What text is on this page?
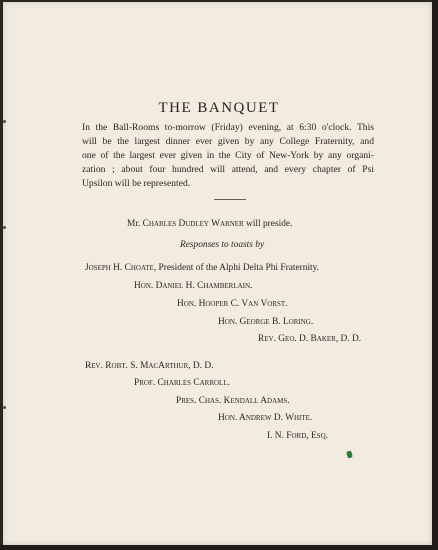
THE BANQUET
In the Ball-Rooms to-morrow (Friday) evening, at 6:30 o'clock. This
will be the largest dinner ever given by any College Fraternity, and
one of the largest ever given in the City of New-York by any organi-
zation ; about four hundred will attend, and every chapter of Psi
Upsilon will be represented.
Mr. Charles Dudley Warner will preside.
Responses to toasts by
Joseph H. Choate, President of the Alphi Delta Phi Fraternity.
Hon. Daniel H. Chamberlain.
Hon. Hooper C. Van Vorst.
Hon. George B. Loring.
Rev. Geo. D. Baker, D. D.
Rev. Robt. S. MacArthur, D. D.
Prof. Charles Carroll.
Pres. Chas. Kendall Adams.
Hon. Andrew D. White.
I. N. Ford, Esq.
